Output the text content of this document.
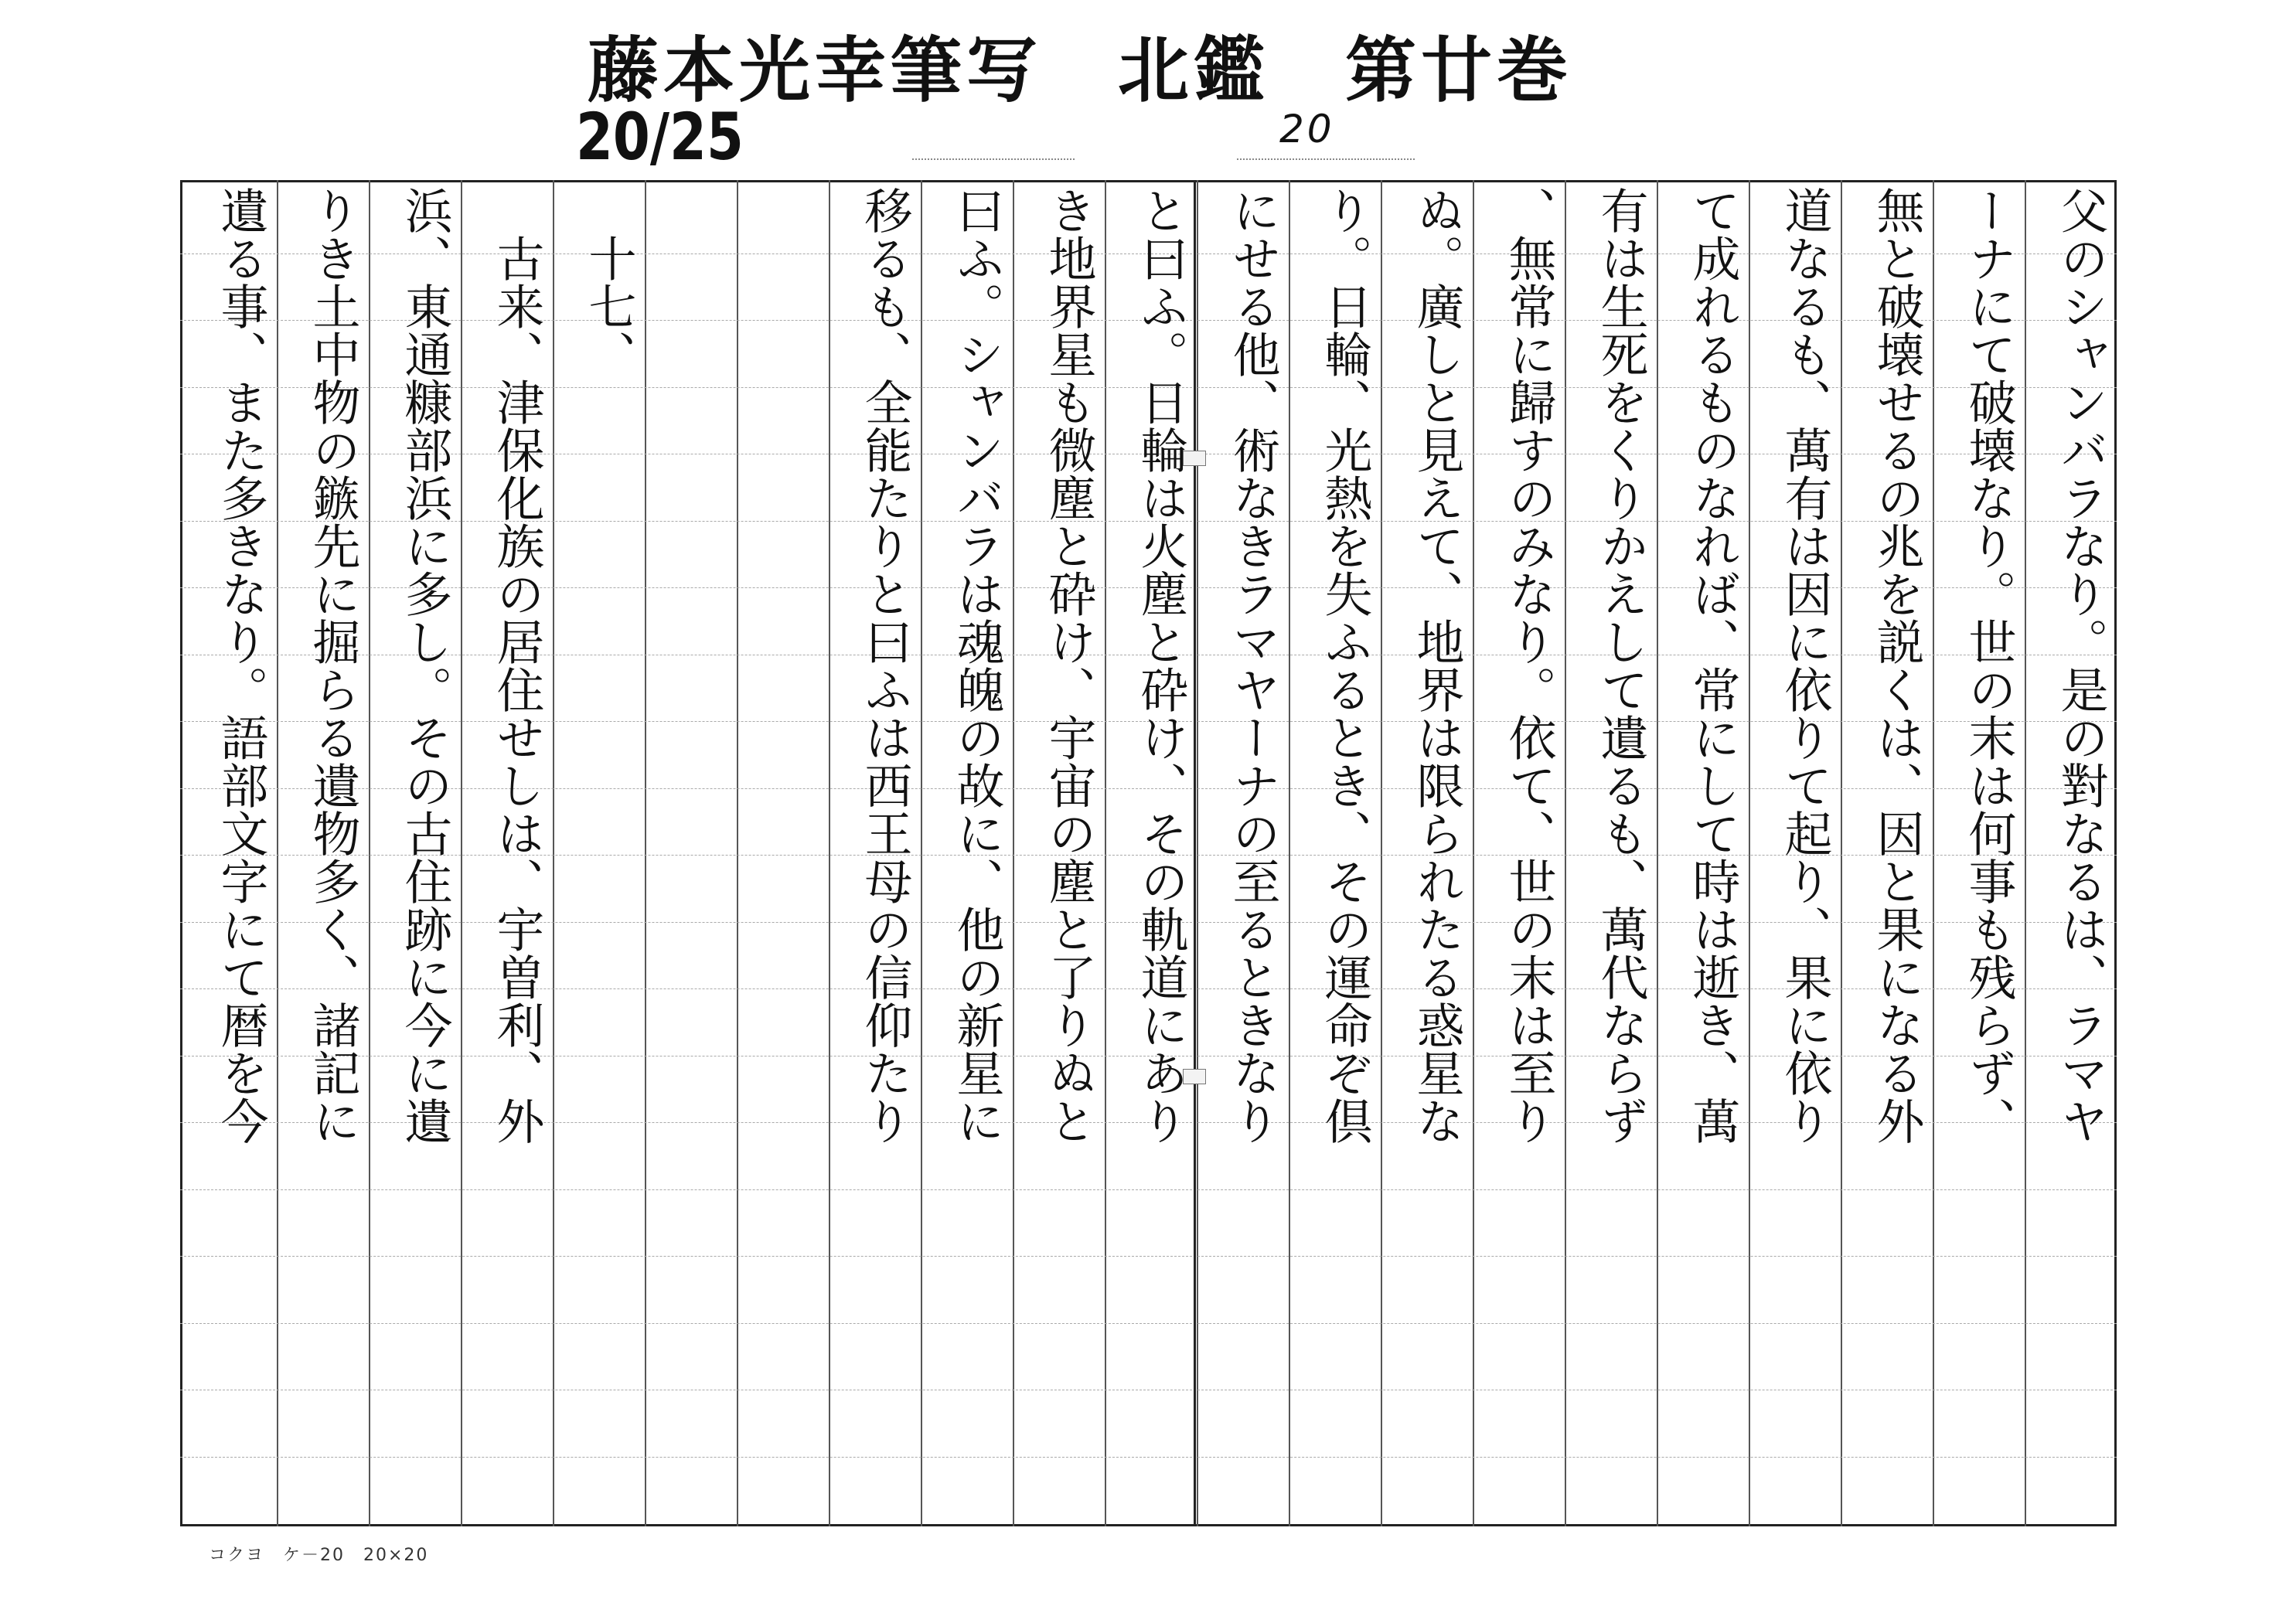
藤本光幸筆写　北鑑　第廿巻
20/25	20
父のシャンバラなり。是の對なるは、ラマヤ
ーナにて破壊なり。世の末は何事も残らず、
無と破壊せるの兆を説くは、因と果になる外
道なるも、萬有は因に依りて起り、果に依り
て成れるものなれば、常にして時は逝き、萬
有は生死をくりかえして遺るも、萬代ならず
、無常に歸すのみなり。依て、世の末は至り
ぬ。廣しと見えて、地界は限られたる惑星な
り。日輪、光熱を失ふるとき、その運命ぞ倶
にせる他、術なきラマヤーナの至るときなり
と曰ふ。日輪は火塵と砕け、その軌道にあり
き地界星も微塵と砕け、宇宙の塵と了りぬと
曰ふ。シャンバラは魂魄の故に、他の新星に
移るも、全能たりと曰ふは西王母の信仰たり
　十七、
　古来、津保化族の居住せしは、宇曽利、外
浜、東通糠部浜に多し。その古住跡に今に遺
りき土中物の鏃先に掘らる遺物多く、諸記に
遺る事、また多きなり。語部文字にて暦を今
コクヨ　ケ－20　20×20
